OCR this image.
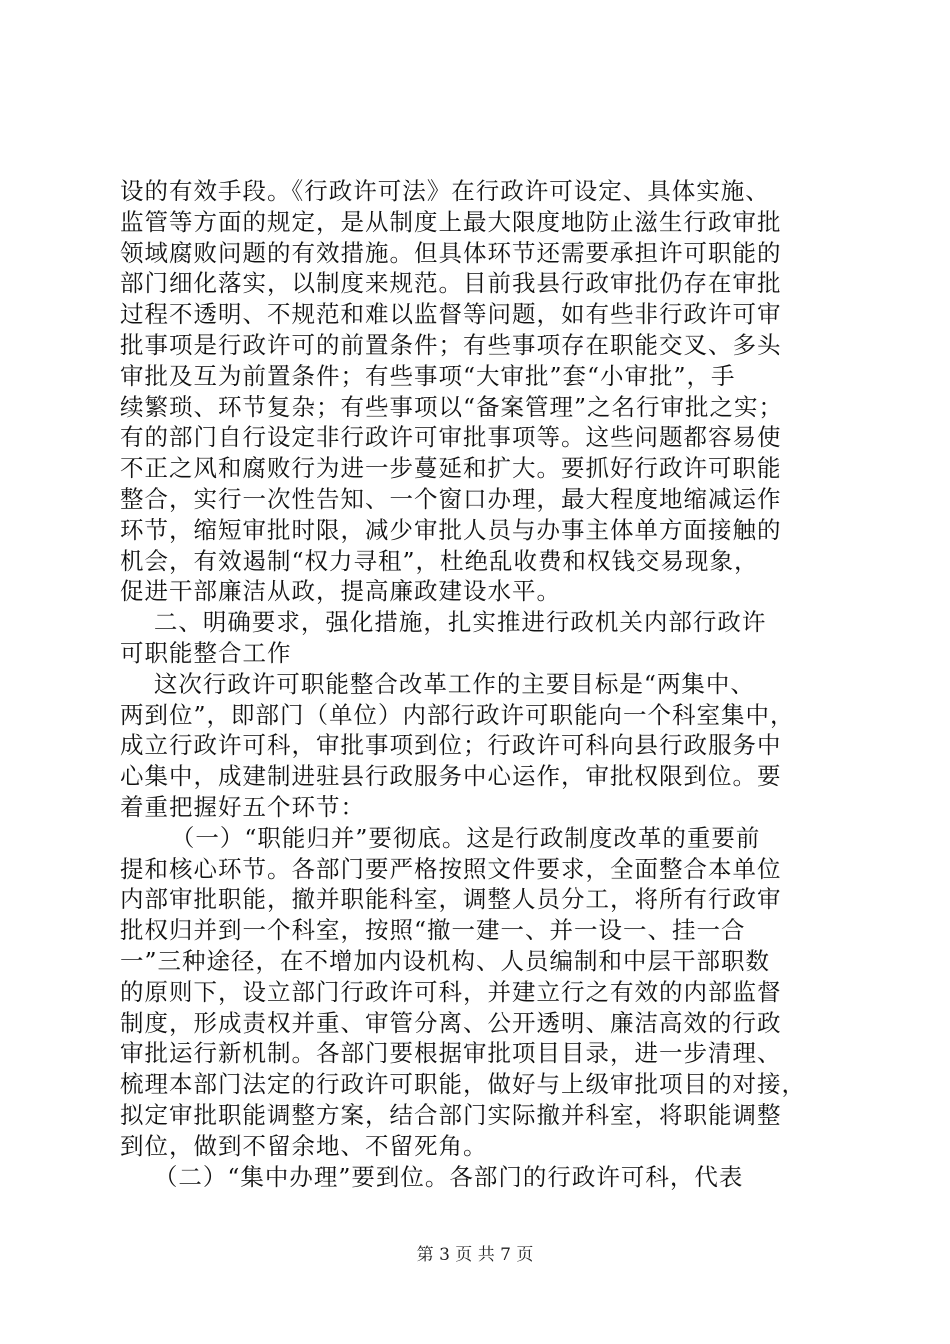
设的有效手段。《行政许可法》在行政许可设定、具体实施、
监管等方面的规定，是从制度上最大限度地防止滋生行政审批
领域腐败问题的有效措施。但具体环节还需要承担许可职能的
部门细化落实，以制度来规范。目前我县行政审批仍存在审批
过程不透明、不规范和难以监督等问题，如有些非行政许可审
批事项是行政许可的前置条件；有些事项存在职能交叉、多头
审批及互为前置条件；有些事项“大审批”套“小审批”，手
续繁琐、环节复杂；有些事项以“备案管理”之名行审批之实；
有的部门自行设定非行政许可审批事项等。这些问题都容易使
不正之风和腐败行为进一步蔓延和扩大。要抓好行政许可职能
整合，实行一次性告知、一个窗口办理，最大程度地缩减运作
环节，缩短审批时限，减少审批人员与办事主体单方面接触的
机会，有效遏制“权力寻租”，杜绝乱收费和权钱交易现象，
促进干部廉洁从政，提高廉政建设水平。

二、明确要求，强化措施，扎实推进行政机关内部行政许
可职能整合工作

这次行政许可职能整合改革工作的主要目标是“两集中、
两到位”，即部门（单位）内部行政许可职能向一个科室集中，
成立行政许可科，审批事项到位；行政许可科向县行政服务中
心集中，成建制进驻县行政服务中心运作，审批权限到位。要
着重把握好五个环节：

（一）“职能归并”要彻底。这是行政制度改革的重要前
提和核心环节。各部门要严格按照文件要求，全面整合本单位
内部审批职能，撤并职能科室，调整人员分工，将所有行政审
批权归并到一个科室，按照“撤一建一、并一设一、挂一合
一”三种途径，在不增加内设机构、人员编制和中层干部职数
的原则下，设立部门行政许可科，并建立行之有效的内部监督
制度，形成责权并重、审管分离、公开透明、廉洁高效的行政
审批运行新机制。各部门要根据审批项目目录，进一步清理、
梳理本部门法定的行政许可职能，做好与上级审批项目的对接，
拟定审批职能调整方案，结合部门实际撤并科室，将职能调整
到位，做到不留余地、不留死角。

（二）“集中办理”要到位。各部门的行政许可科，代表

第 3 页 共 7 页
